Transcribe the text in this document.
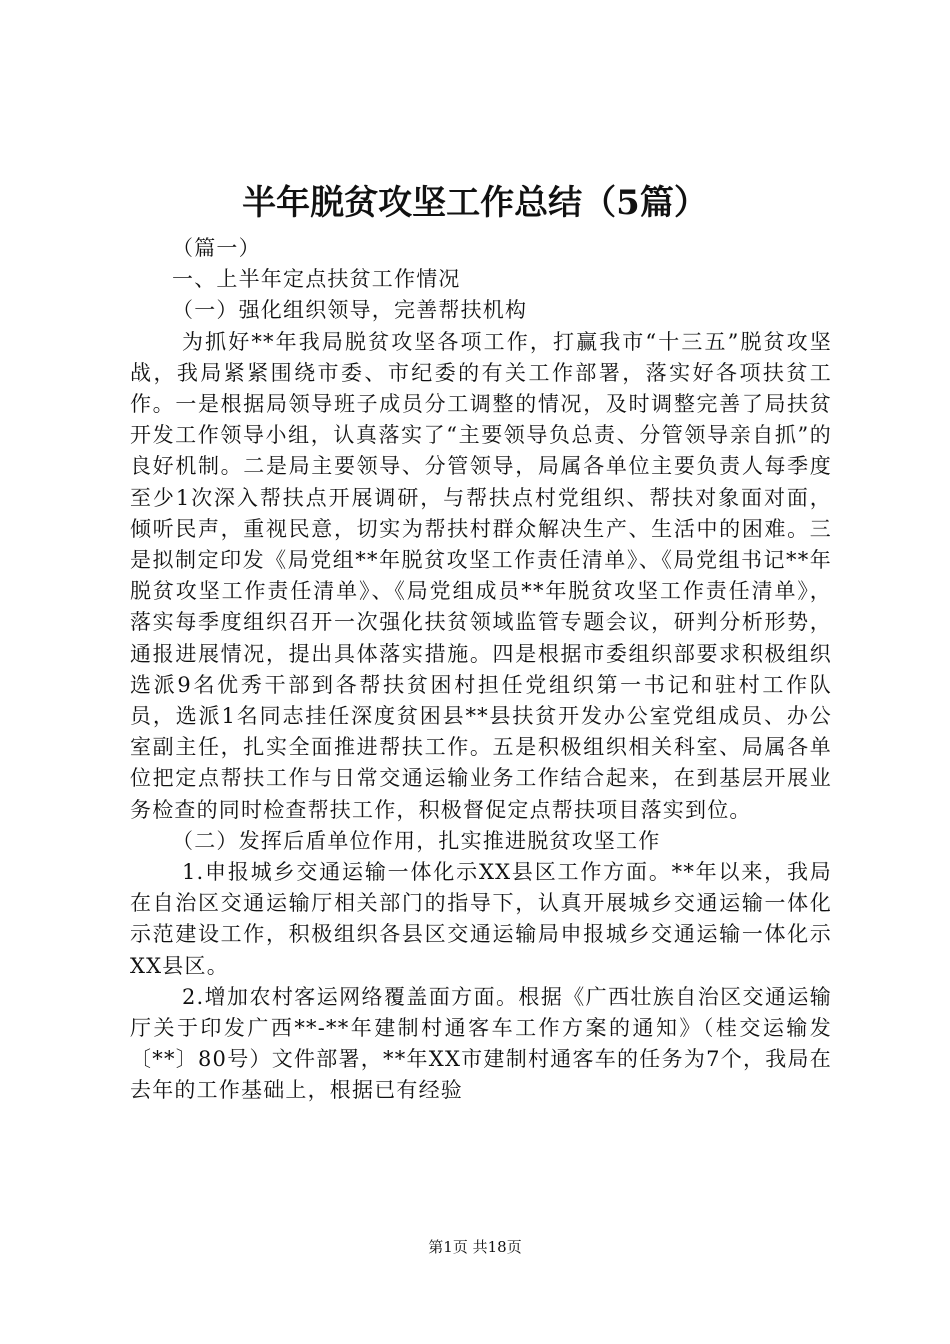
半年脱贫攻坚工作总结（5篇）

（篇一）

一、上半年定点扶贫工作情况

（一）强化组织领导，完善帮扶机构

为抓好**年我局脱贫攻坚各项工作，打赢我市“十三五”脱贫攻坚战，我局紧紧围绕市委、市纪委的有关工作部署，落实好各项扶贫工作。一是根据局领导班子成员分工调整的情况，及时调整完善了局扶贫开发工作领导小组，认真落实了“主要领导负总责、分管领导亲自抓”的良好机制。二是局主要领导、分管领导，局属各单位主要负责人每季度至少1次深入帮扶点开展调研，与帮扶点村党组织、帮扶对象面对面，倾听民声，重视民意，切实为帮扶村群众解决生产、生活中的困难。三是拟制定印发《局党组**年脱贫攻坚工作责任清单》、《局党组书记**年脱贫攻坚工作责任清单》、《局党组成员**年脱贫攻坚工作责任清单》，落实每季度组织召开一次强化扶贫领域监管专题会议，研判分析形势，通报进展情况，提出具体落实措施。四是根据市委组织部要求积极组织选派9名优秀干部到各帮扶贫困村担任党组织第一书记和驻村工作队员，选派1名同志挂任深度贫困县**县扶贫开发办公室党组成员、办公室副主任，扎实全面推进帮扶工作。五是积极组织相关科室、局属各单位把定点帮扶工作与日常交通运输业务工作结合起来，在到基层开展业务检查的同时检查帮扶工作，积极督促定点帮扶项目落实到位。

（二）发挥后盾单位作用，扎实推进脱贫攻坚工作

1.申报城乡交通运输一体化示XX县区工作方面。**年以来，我局在自治区交通运输厅相关部门的指导下，认真开展城乡交通运输一体化示范建设工作，积极组织各县区交通运输局申报城乡交通运输一体化示XX县区。

2.增加农村客运网络覆盖面方面。根据《广西壮族自治区交通运输厅关于印发广西**-**年建制村通客车工作方案的通知》（桂交运输发〔**〕80号）文件部署，**年XX市建制村通客车的任务为7个，我局在去年的工作基础上，根据已有经验

第1页 共18页
